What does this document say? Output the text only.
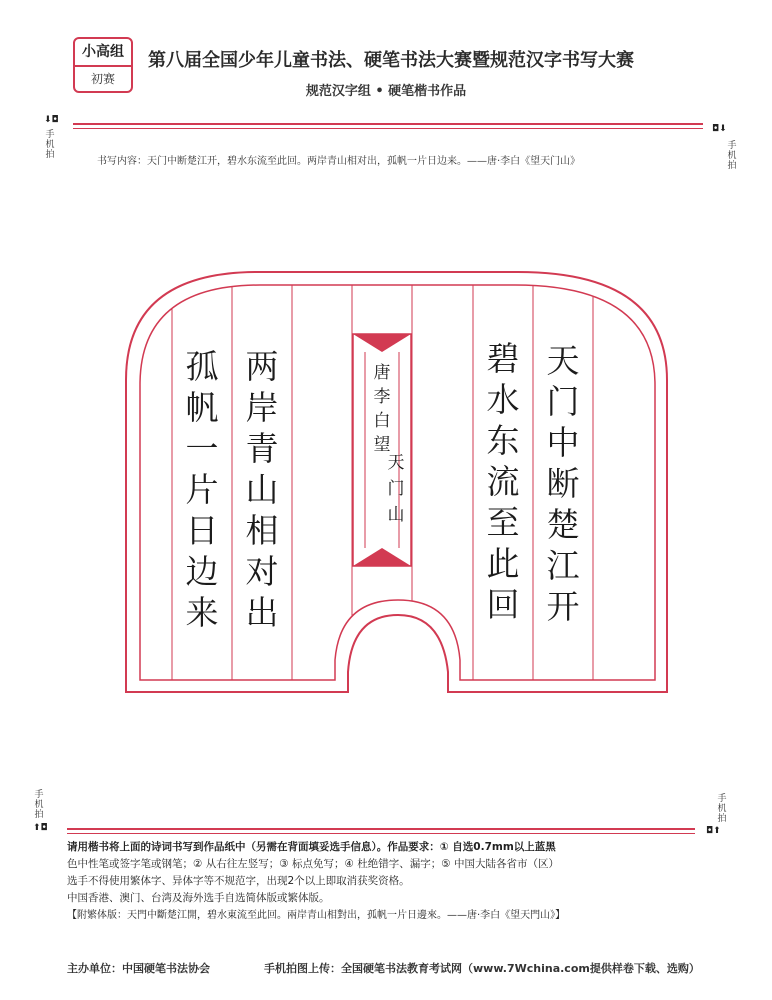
小高组
初赛
第八届全国少年儿童书法、硬笔书法大赛暨规范汉字书写大赛
规范汉字组 • 硬笔楷书作品
⬇◘
手机拍
◘⬇
手机拍
书写内容：天门中断楚江开，碧水东流至此回。两岸青山相对出，孤帆一片日边来。——唐·李白《望天门山》
天
门
中
断
楚
江
开
碧
水
东
流
至
此
回
两
岸
青
山
相
对
出
孤
帆
一
片
日
边
来
唐
李
白
望
天
门
山
手机拍
⬆◘
手机拍
◘⬆
请用楷书将上面的诗词书写到作品纸中（另需在背面填妥选手信息）。作品要求：① 自选0.7mm以上蓝黑
色中性笔或签字笔或钢笔；② 从右往左竖写；③ 标点免写；④ 杜绝错字、漏字；⑤ 中国大陆各省市（区）
选手不得使用繁体字、异体字等不规范字，出现2个以上即取消获奖资格。
中国香港、澳门、台湾及海外选手自选简体版或繁体版。
【附繁体版：天門中斷楚江開，碧水東流至此回。兩岸青山相對出，孤帆一片日邊來。——唐·李白《望天門山》】
主办单位：中国硬笔书法协会	手机拍图上传：全国硬笔书法教育考试网（www.7Wchina.com提供样卷下载、选购）
